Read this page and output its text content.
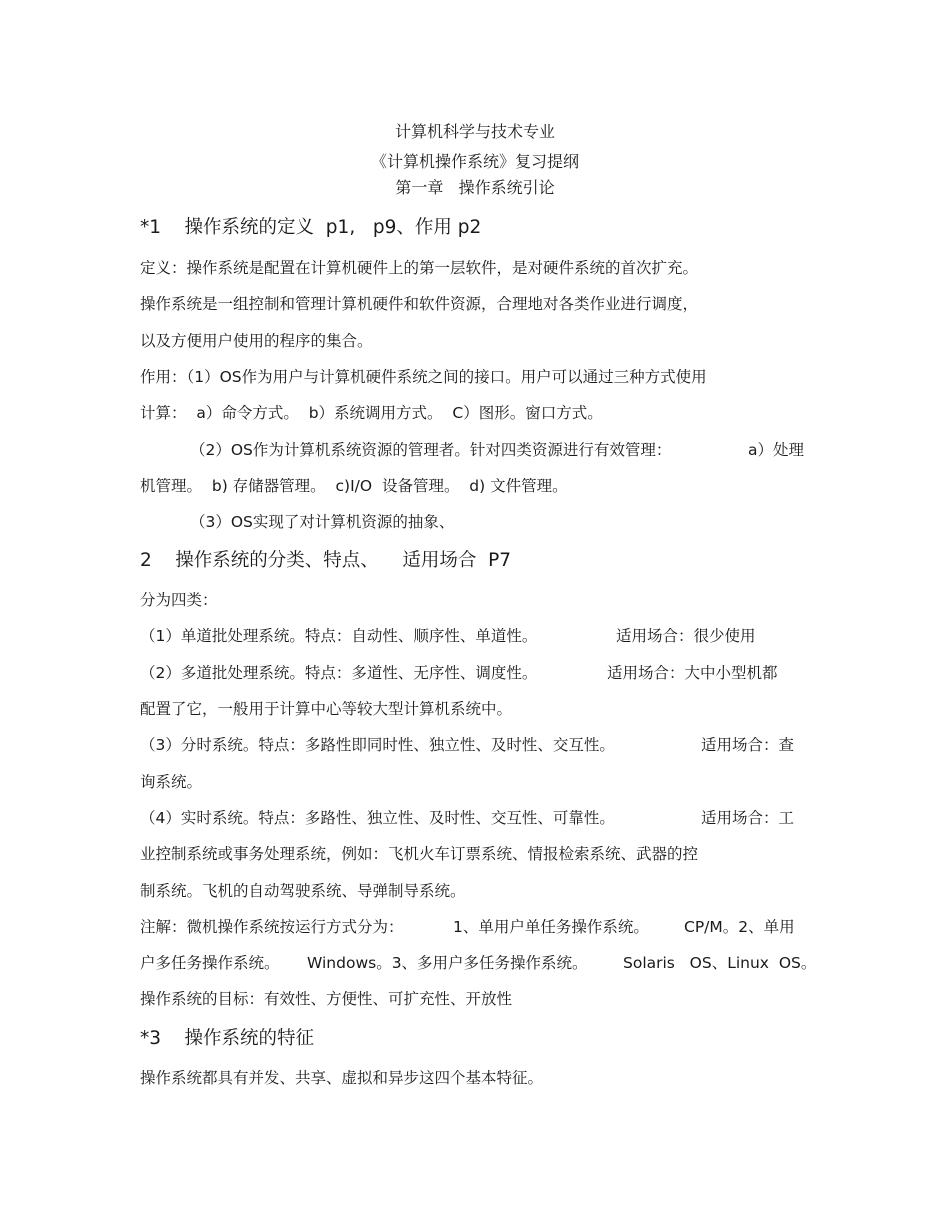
计算机科学与技术专业
《计算机操作系统》复习提纲
第一章   操作系统引论
*1    操作系统的定义  p1,   p9、作用 p2
定义：操作系统是配置在计算机硬件上的第一层软件，是对硬件系统的首次扩充。
操作系统是一组控制和管理计算机硬件和软件资源，合理地对各类作业进行调度，
以及方便用户使用的程序的集合。
作用：（1）OS作为用户与计算机硬件系统之间的接口。用户可以通过三种方式使用
计算：  a）命令方式。  b）系统调用方式。  C）图形。窗口方式。
（2）OS作为计算机系统资源的管理者。针对四类资源进行有效管理：	a）处理
机管理。  b) 存储器管理。  c)I/O  设备管理。  d) 文件管理。
（3）OS实现了对计算机资源的抽象、
2    操作系统的分类、特点、    适用场合  P7
分为四类：
（1）单道批处理系统。特点：自动性、顺序性、单道性。	适用场合：很少使用
（2）多道批处理系统。特点：多道性、无序性、调度性。	适用场合：大中小型机都
配置了它，一般用于计算中心等较大型计算机系统中。
（3）分时系统。特点：多路性即同时性、独立性、及时性、交互性。	适用场合：查
询系统。
（4）实时系统。特点：多路性、独立性、及时性、交互性、可靠性。	适用场合：工
业控制系统或事务处理系统，例如：飞机火车订票系统、情报检索系统、武器的控
制系统。飞机的自动驾驶系统、导弹制导系统。
注解：微机操作系统按运行方式分为：	1、单用户单任务操作系统。 CP/M。2、单用
户多任务操作系统。 Windows。3、多用户多任务操作系统。 Solaris   OS、Linux  OS。
操作系统的目标：有效性、方便性、可扩充性、开放性
*3    操作系统的特征
操作系统都具有并发、共享、虚拟和异步这四个基本特征。
